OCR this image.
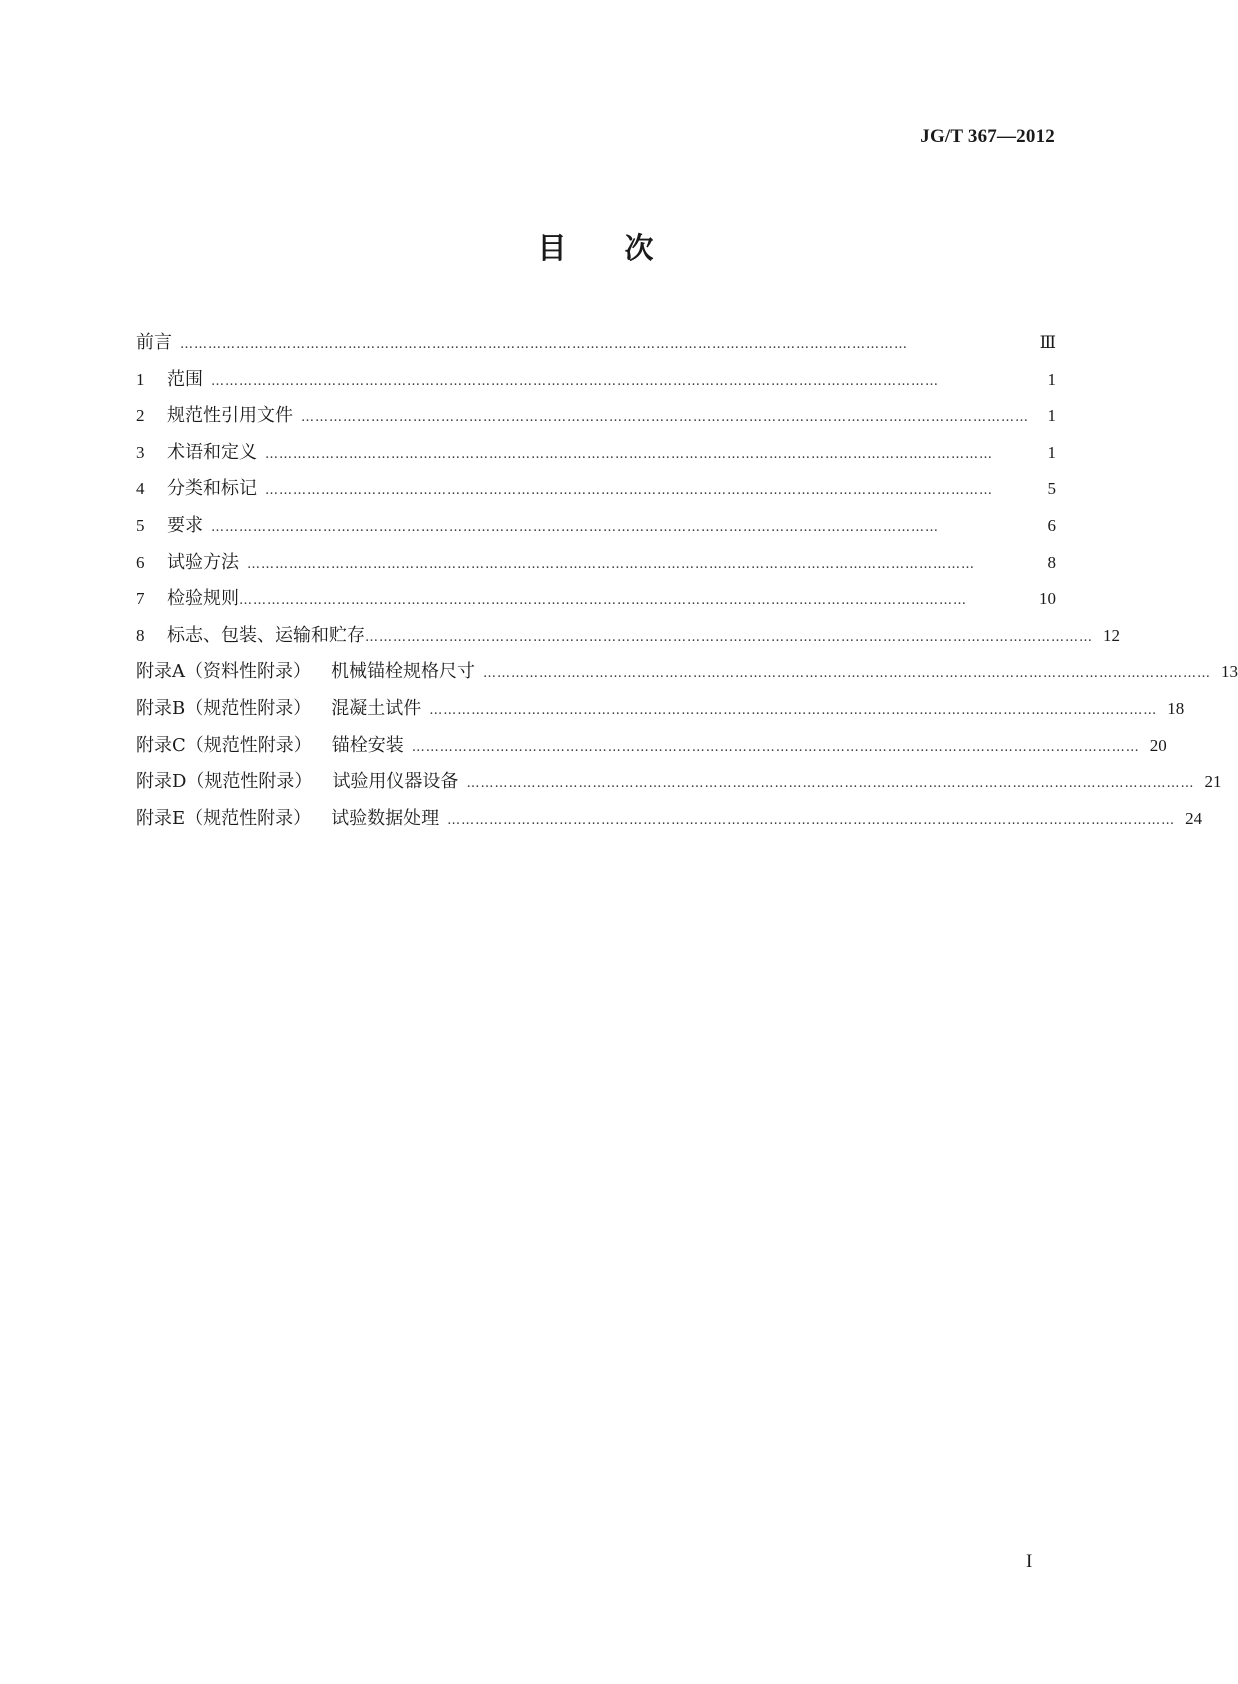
JG/T 367—2012
目次
前言 …………………………………………………………………………………………………………………………………………	Ⅲ
1	范围 …………………………………………………………………………………………………………………………………………	1
2	规范性引用文件 …………………………………………………………………………………………………………………………………………	1
3	术语和定义 …………………………………………………………………………………………………………………………………………	1
4	分类和标记 …………………………………………………………………………………………………………………………………………	5
5	要求 …………………………………………………………………………………………………………………………………………	6
6	试验方法 …………………………………………………………………………………………………………………………………………	8
7	检验规则 …………………………………………………………………………………………………………………………………………	10
8	标志、包装、运输和贮存 ………………………………………………………………………………………………………………………………………… 12
附录A（资料性附录）	机械锚栓规格尺寸 ………………………………………………………………………………………………………………………………………… 13
附录B（规范性附录）	混凝土试件 ………………………………………………………………………………………………………………………………………… 18
附录C（规范性附录）	锚栓安装 ………………………………………………………………………………………………………………………………………… 20
附录D（规范性附录）	试验用仪器设备 ………………………………………………………………………………………………………………………………………… 21
附录E（规范性附录）	试验数据处理 ………………………………………………………………………………………………………………………………………… 24
I
